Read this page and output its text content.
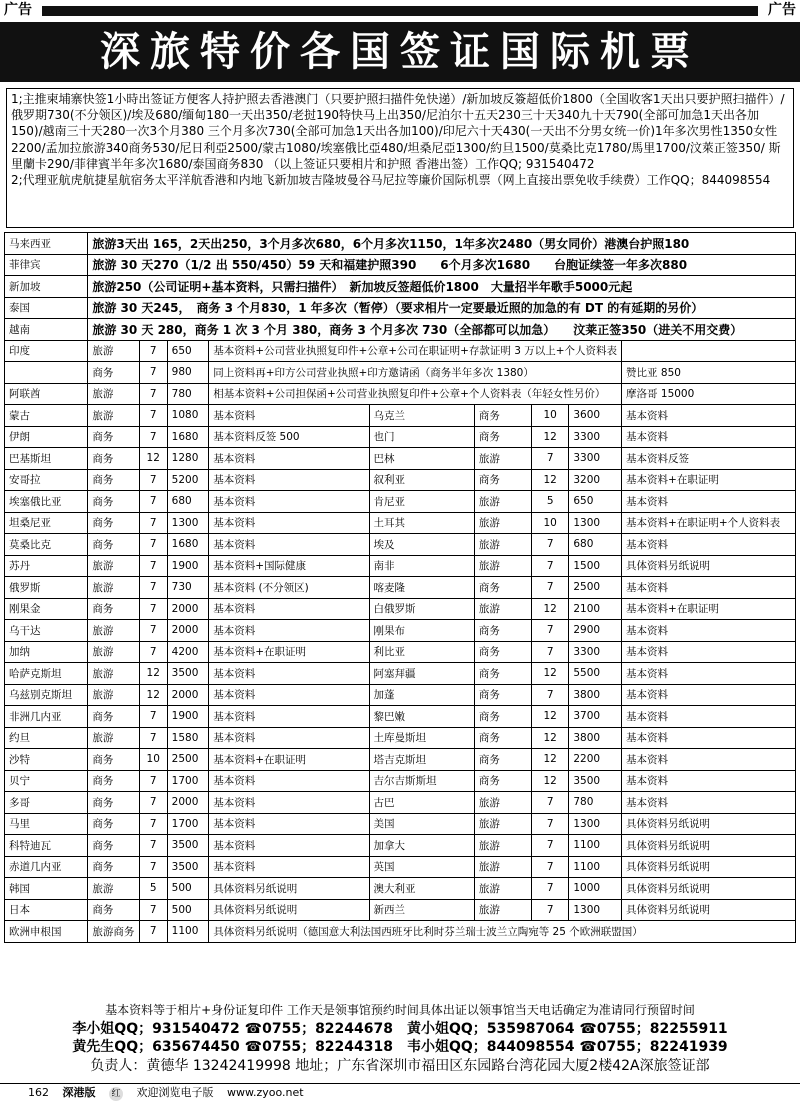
广告	广告
深旅特价各国签证国际机票

1;主推柬埔寨快签1小時出签证方便客人持护照去香港澳门（只要护照扫描件免快递）/新加坡反簽超低价1800（全国收客1天出只要护照扫描件）/俄罗期730(不分领区)/埃及680/缅甸180一天出350/老挝190特快马上出350/尼泊尔十五天230三十天340九十天790(全部可加急1天出各加150)/越南三十天280一次3个月380 三个月多次730(全部可加急1天出各加100)/印尼六十天430(一天出不分男女统一价)1年多次男性1350女性2200/孟加拉旅游340商务530/尼日利亞2500/蒙古1080/埃塞俄比亞480/坦桑尼亞1300/約旦1500/莫桑比克1780/馬里1700/汶萊正签350/ 斯里蘭卡290/菲律賓半年多次1680/泰国商务830 （以上签证只要相片和护照 香港出签）工作QQ; 931540472

2;代理亚航虎航捷星航宿务太平洋航香港和内地飞新加坡吉隆坡曼谷马尼拉等廉价国际机票（网上直接出票免收手续费）工作QQ；844098554

马来西亚	旅游3天出 165，2天出250，3个月多次680，6个月多次1150，1年多次2480（男女同价）港澳台护照180								
菲律宾	旅游 30 天270（1/2 出 550/450）59 天和福建护照390　　6个月多次1680　　台胞证续签一年多次880								
新加坡	旅游250（公司证明+基本资料，只需扫描件）　新加坡反签超低价1800　大量招半年歌手5000元起								
泰国	旅游 30 天245，　商务 3 个月830，1 年多次（暂停）（要求相片一定要最近照的加急的有 DT 的有延期的另价）								
越南	旅游 30 天 280，商务 1 次 3 个月 380，商务 3 个月多次 730（全部都可以加急）　　汶莱正签350（进关不用交费）								
印度	旅游	7	650	基本资料+公司营业执照复印件+公章+公司在职证明+存款证明 3 万以上+个人资料表					
	商务	7	980	同上资料再+印方公司营业执照+印方邀请函（商务半年多次 1380）					赞比亚 850
阿联酋	旅游	7	780	相基本资料+公司担保函+公司营业执照复印件+公章+个人资料表（年轻女性另价）					摩洛哥 15000
蒙古	旅游	7	1080	基本资料	乌克兰	商务	10	3600	基本资料
伊朗	商务	7	1680	基本资料反签 500	也门	商务	12	3300	基本资料
巴基斯坦	商务	12	1280	基本资料	巴林	旅游	7	3300	基本资料反签
安哥拉	商务	7	5200	基本资料	叙利亚	商务	12	3200	基本资料+在职证明
埃塞俄比亚	商务	7	680	基本资料	肯尼亚	旅游	5	650	基本资料
坦桑尼亚	商务	7	1300	基本资料	土耳其	旅游	10	1300	基本资料+在职证明+个人资料表
莫桑比克	商务	7	1680	基本资料	埃及	旅游	7	680	基本资料
苏丹	旅游	7	1900	基本资料+国际健康	南非	旅游	7	1500	具体资料另纸说明
俄罗斯	旅游	7	730	基本资料 (不分领区)	喀麦隆	商务	7	2500	基本资料
刚果金	商务	7	2000	基本资料	白俄罗斯	旅游	12	2100	基本资料+在职证明
乌干达	旅游	7	2000	基本资料	刚果布	商务	7	2900	基本资料
加纳	旅游	7	4200	基本资料+在职证明	利比亚	商务	7	3300	基本资料
哈萨克斯坦	旅游	12	3500	基本资料	阿塞拜疆	商务	12	5500	基本资料
乌兹别克斯坦	旅游	12	2000	基本资料	加蓬	商务	7	3800	基本资料
非洲几内亚	商务	7	1900	基本资料	黎巴嫩	商务	12	3700	基本资料
约旦	旅游	7	1580	基本资料	土库曼斯坦	商务	12	3800	基本资料
沙特	商务	10	2500	基本资料+在职证明	塔吉克斯坦	商务	12	2200	基本资料
贝宁	商务	7	1700	基本资料	吉尔吉斯斯坦	商务	12	3500	基本资料
多哥	商务	7	2000	基本资料	古巴	旅游	7	780	基本资料
马里	商务	7	1700	基本资料	美国	旅游	7	1300	具体资料另纸说明
科特迪瓦	商务	7	3500	基本资料	加拿大	旅游	7	1100	具体资料另纸说明
赤道几内亚	商务	7	3500	基本资料	英国	旅游	7	1100	具体资料另纸说明
韩国	旅游	5	500	具体资料另纸说明	澳大利亚	旅游	7	1000	具体资料另纸说明
日本	商务	7	500	具体资料另纸说明	新西兰	旅游	7	1300	具体资料另纸说明
欧洲申根国	旅游商务	7	1100	具体资料另纸说明（德国意大利法国西班牙比利时芬兰瑞士波兰立陶宛等 25 个欧洲联盟国）					
基本资料等于相片+身份证复印件 工作天是领事馆预约时间具体出证以领事馆当天电话确定为准请同行预留时间
李小姐QQ；931540472 ☎0755；82244678　黄小姐QQ；535987064 ☎0755；82255911
黄先生QQ；635674450 ☎0755；82244318　韦小姐QQ；844098554 ☎0755；82241939
负责人：黄德华 13242419998 地址；广东省深圳市福田区东园路台湾花园大厦2楼42A深旅签证部
162 深港版 红 欢迎浏览电子版 www.zyoo.net
